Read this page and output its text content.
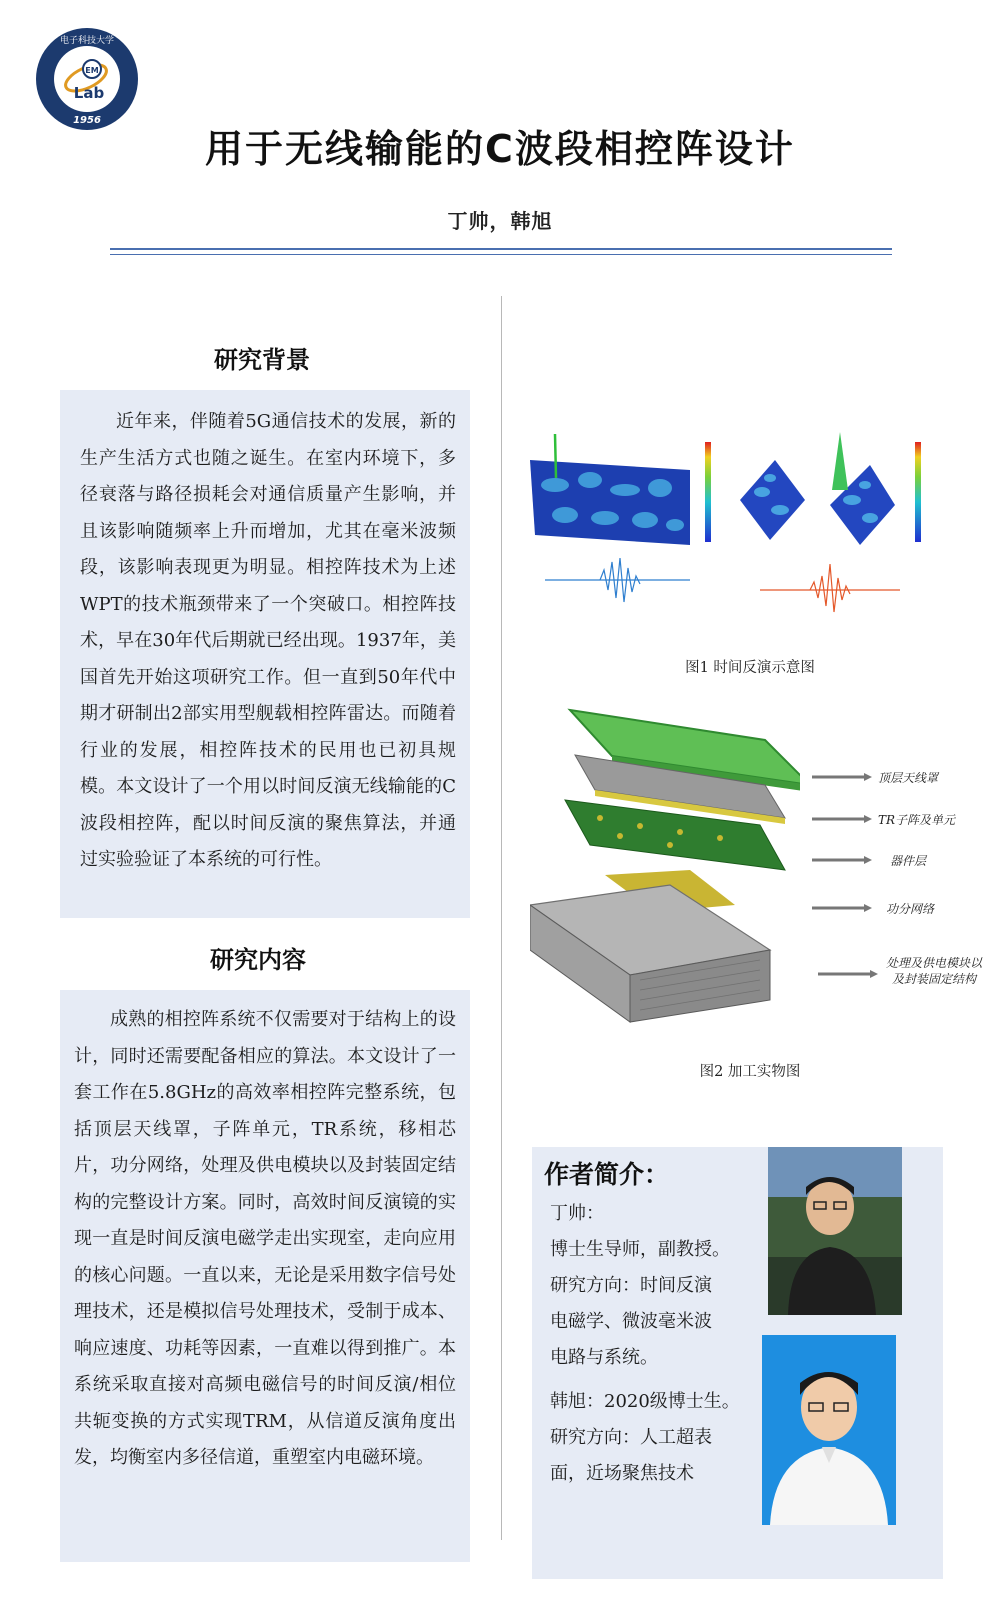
电子科技大学
EM
Lab
1956
用于无线输能的C波段相控阵设计
丁帅，韩旭
研究背景

近年来，伴随着5G通信技术的发展，新的生产生活方式也随之诞生。在室内环境下，多径衰落与路径损耗会对通信质量产生影响，并且该影响随频率上升而增加，尤其在毫米波频段，该影响表现更为明显。相控阵技术为上述WPT的技术瓶颈带来了一个突破口。相控阵技术，早在30年代后期就已经出现。1937年，美国首先开始这项研究工作。但一直到50年代中期才研制出2部实用型舰载相控阵雷达。而随着行业的发展，相控阵技术的民用也已初具规模。本文设计了一个用以时间反演无线输能的C波段相控阵，配以时间反演的聚焦算法，并通过实验验证了本系统的可行性。

研究内容

成熟的相控阵系统不仅需要对于结构上的设计，同时还需要配备相应的算法。本文设计了一套工作在5.8GHz的高效率相控阵完整系统，包括顶层天线罩，子阵单元，TR系统，移相芯片，功分网络，处理及供电模块以及封装固定结构的完整设计方案。同时，高效时间反演镜的实现一直是时间反演电磁学走出实现室，走向应用的核心问题。一直以来，无论是采用数字信号处理技术，还是模拟信号处理技术，受制于成本、响应速度、功耗等因素，一直难以得到推广。本系统采取直接对高频电磁信号的时间反演/相位共轭变换的方式实现TRM，从信道反演角度出发，均衡室内多径信道，重塑室内电磁环境。

图1 时间反演示意图
顶层天线罩
TR子阵及单元
器件层
功分网络
处理及供电模块以及封装固定结构
图2 加工实物图
作者简介：
丁帅：
博士生导师，副教授。
研究方向：时间反演
电磁学、微波毫米波
电路与系统。
韩旭：2020级博士生。
研究方向：人工超表
面，近场聚焦技术
